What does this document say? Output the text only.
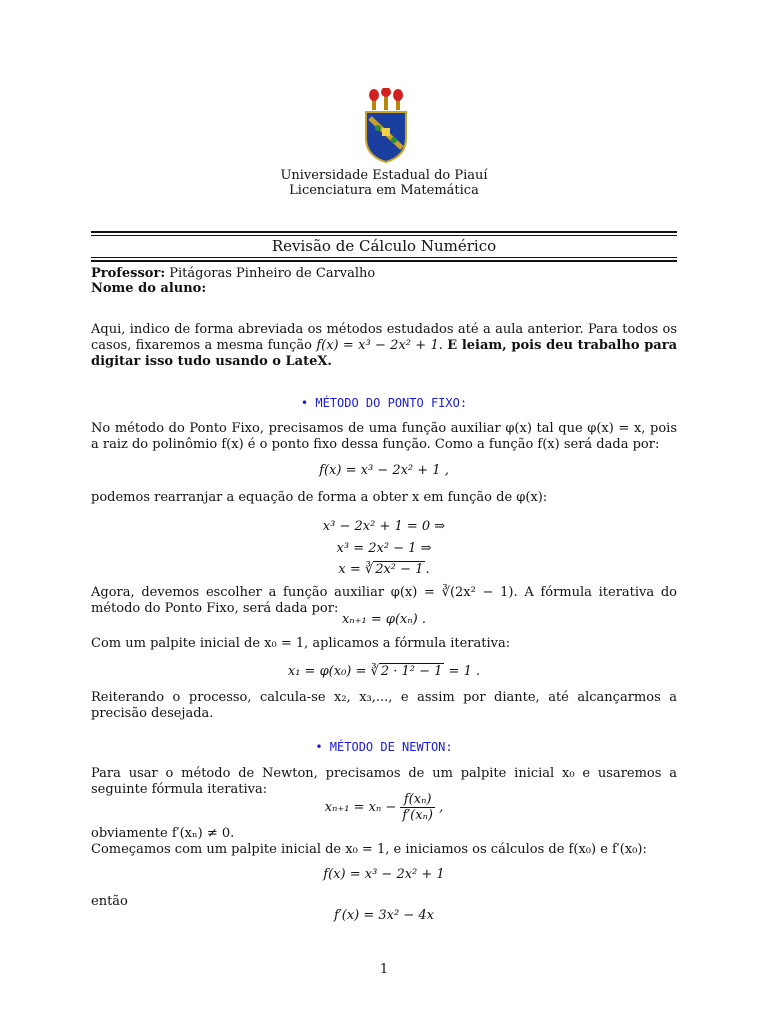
Universidade Estadual do Piauí
Licenciatura em Matemática
Revisão de Cálculo Numérico
Professor: Pitágoras Pinheiro de Carvalho
Nome do aluno:
Aqui, indico de forma abreviada os métodos estudados até a aula anterior. Para todos os casos, fixaremos a mesma função f(x) = x³ − 2x² + 1. E leiam, pois deu trabalho para digitar isso tudo usando o LateX.
• MÉTODO DO PONTO FIXO:
No método do Ponto Fixo, precisamos de uma função auxiliar φ(x) tal que φ(x) = x, pois a raiz do polinômio f(x) é o ponto fixo dessa função. Como a função f(x) será dada por:
f(x) = x³ − 2x² + 1 ,
podemos rearranjar a equação de forma a obter x em função de φ(x):
x³ − 2x² + 1 = 0 ⇒
x³ = 2x² − 1 ⇒
x = ∛ 2x² − 1 .
Agora, devemos escolher a função auxiliar φ(x) = ∛(2x² − 1). A fórmula iterativa do método do Ponto Fixo, será dada por:
xₙ₊₁ = φ(xₙ) .
Com um palpite inicial de x₀ = 1, aplicamos a fórmula iterativa:
x₁ = φ(x₀) = ∛ 2 · 1² − 1 = 1 .
Reiterando o processo, calcula-se x₂, x₃,..., e assim por diante, até alcançarmos a precisão desejada.
• MÉTODO DE NEWTON:
Para usar o método de Newton, precisamos de um palpite inicial x₀ e usaremos a seguinte fórmula iterativa:
$x_{n+1} = x_n - \frac{\text{f(xₙ)}}{\text{f′(xₙ)}}$ ,
obviamente f′(xₙ) ≠ 0.
Começamos com um palpite inicial de x₀ = 1, e iniciamos os cálculos de f(x₀) e f′(x₀):
f(x) = x³ − 2x² + 1
então
f′(x) = 3x² − 4x
1
